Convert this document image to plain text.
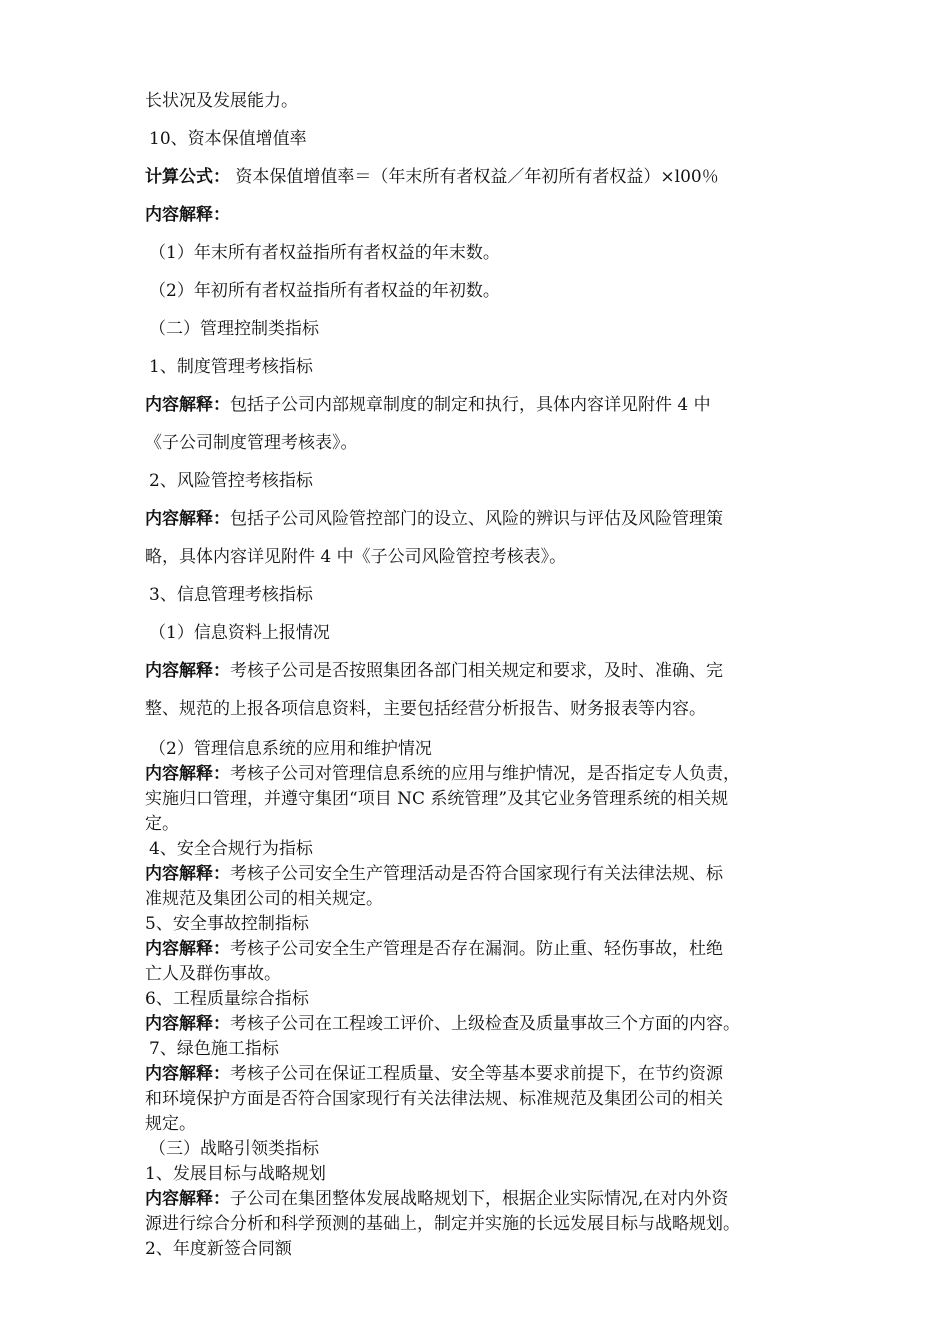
长状况及发展能力。
10、资本保值增值率
计算公式： 资本保值增值率＝（年末所有者权益／年初所有者权益）×l00％
内容解释：
（1）年末所有者权益指所有者权益的年末数。
（2）年初所有者权益指所有者权益的年初数。
（二）管理控制类指标
1、制度管理考核指标
内容解释：包括子公司内部规章制度的制定和执行，具体内容详见附件 4 中
《子公司制度管理考核表》。
2、风险管控考核指标
内容解释：包括子公司风险管控部门的设立、风险的辨识与评估及风险管理策
略，具体内容详见附件 4 中《子公司风险管控考核表》。
3、信息管理考核指标
（1）信息资料上报情况
内容解释：考核子公司是否按照集团各部门相关规定和要求，及时、准确、完
整、规范的上报各项信息资料，主要包括经营分析报告、财务报表等内容。
（2）管理信息系统的应用和维护情况
内容解释：考核子公司对管理信息系统的应用与维护情况，是否指定专人负责，
实施归口管理，并遵守集团“项目 NC 系统管理”及其它业务管理系统的相关规
定。
4、安全合规行为指标
内容解释：考核子公司安全生产管理活动是否符合国家现行有关法律法规、标
准规范及集团公司的相关规定。
5、安全事故控制指标
内容解释：考核子公司安全生产管理是否存在漏洞。防止重、轻伤事故，杜绝
亡人及群伤事故。
6、工程质量综合指标
内容解释：考核子公司在工程竣工评价、上级检查及质量事故三个方面的内容。
7、绿色施工指标
内容解释：考核子公司在保证工程质量、安全等基本要求前提下，在节约资源
和环境保护方面是否符合国家现行有关法律法规、标准规范及集团公司的相关
规定。
（三）战略引领类指标
1、发展目标与战略规划
内容解释：子公司在集团整体发展战略规划下，根据企业实际情况,在对内外资
源进行综合分析和科学预测的基础上，制定并实施的长远发展目标与战略规划。
2、年度新签合同额
